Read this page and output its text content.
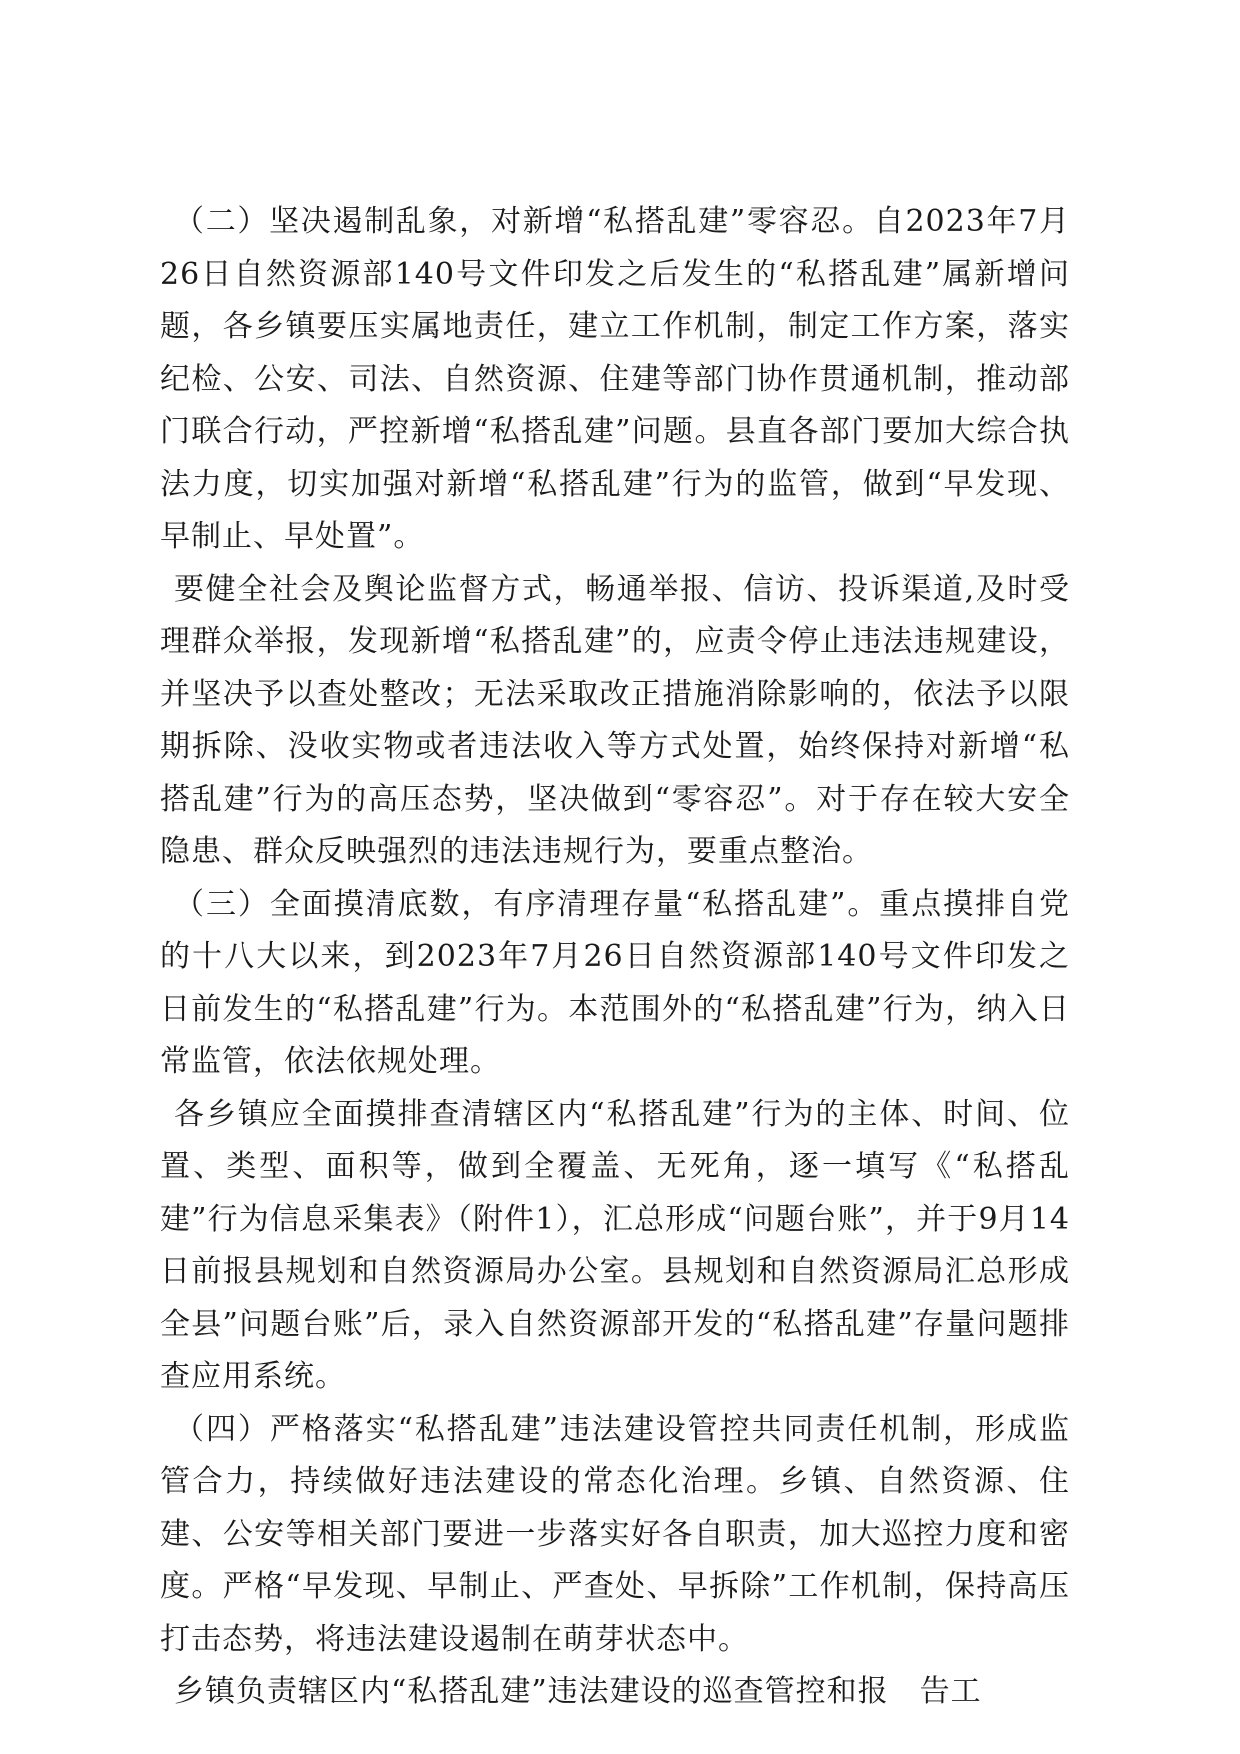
（二）坚决遏制乱象，对新增“私搭乱建”零容忍。自2023年7月26日自然资源部140号文件印发之后发生的“私搭乱建”属新增问题，各乡镇要压实属地责任，建立工作机制，制定工作方案，落实纪检、公安、司法、自然资源、住建等部门协作贯通机制，推动部门联合行动，严控新增“私搭乱建”问题。县直各部门要加大综合执法力度，切实加强对新增“私搭乱建”行为的监管，做到“早发现、早制止、早处置”。

要健全社会及舆论监督方式，畅通举报、信访、投诉渠道,及时受理群众举报，发现新增“私搭乱建”的，应责令停止违法违规建设，并坚决予以查处整改；无法采取改正措施消除影响的，依法予以限期拆除、没收实物或者违法收入等方式处置，始终保持对新增“私搭乱建”行为的高压态势，坚决做到“零容忍”。对于存在较大安全隐患、群众反映强烈的违法违规行为，要重点整治。

（三）全面摸清底数，有序清理存量“私搭乱建”。重点摸排自党的十八大以来，到2023年7月26日自然资源部140号文件印发之日前发生的“私搭乱建”行为。本范围外的“私搭乱建”行为，纳入日常监管，依法依规处理。

各乡镇应全面摸排查清辖区内“私搭乱建”行为的主体、时间、位置、类型、面积等，做到全覆盖、无死角，逐一填写《“私搭乱建”行为信息采集表》（附件1），汇总形成“问题台账”，并于9月14日前报县规划和自然资源局办公室。县规划和自然资源局汇总形成全县”问题台账”后，录入自然资源部开发的“私搭乱建”存量问题排查应用系统。

（四）严格落实“私搭乱建”违法建设管控共同责任机制，形成监管合力，持续做好违法建设的常态化治理。乡镇、自然资源、住建、公安等相关部门要进一步落实好各自职责，加大巡控力度和密度。严格“早发现、早制止、严查处、早拆除”工作机制，保持高压打击态势，将违法建设遏制在萌芽状态中。

乡镇负责辖区内“私搭乱建”违法建设的巡查管控和报　告工
